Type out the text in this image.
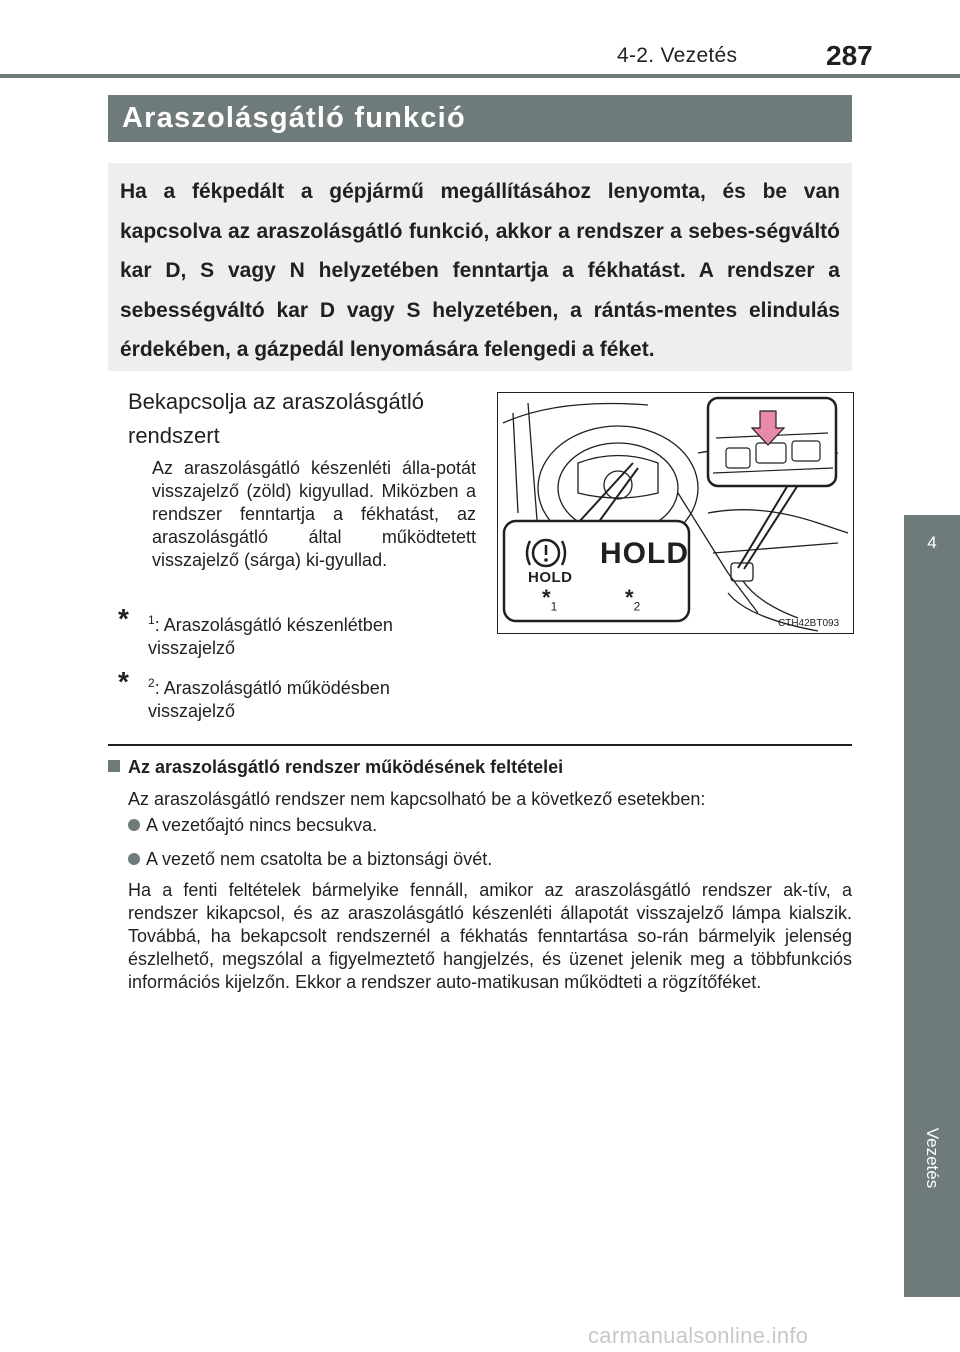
4-2. Vezetés	287
Araszolásgátló funkció
4
Vezetés
Ha a fékpedált a gépjármű megállításához lenyomta, és be van kapcsolva az araszolásgátló funkció, akkor a rendszer a sebes-ségváltó kar D, S vagy N helyzetében fenntartja a fékhatást. A rendszer a sebességváltó kar D vagy S helyzetében, a rántás-mentes elindulás érdekében, a gázpedál lenyomására felengedi a féket.
Bekapcsolja az araszolásgátló rendszert
Az araszolásgátló készenléti álla-potát visszajelző (zöld) kigyullad. Miközben a rendszer fenntartja a fékhatást, az araszolásgátló által működtetett visszajelző (sárga) ki-gyullad.
* $^1$: Araszolásgátló készenlétben visszajelző
* $^2$: Araszolásgátló működésben visszajelző
HOLD
HOLD
$*_1$	$*_2$
CTH42BT093
Az araszolásgátló rendszer működésének feltételei
Az araszolásgátló rendszer nem kapcsolható be a következő esetekben:
A vezetőajtó nincs becsukva.
A vezető nem csatolta be a biztonsági övét.
Ha a fenti feltételek bármelyike fennáll, amikor az araszolásgátló rendszer ak-tív, a rendszer kikapcsol, és az araszolásgátló készenléti állapotát visszajelző lámpa kialszik. Továbbá, ha bekapcsolt rendszernél a fékhatás fenntartása so-rán bármelyik jelenség észlelhető, megszólal a figyelmeztető hangjelzés, és üzenet jelenik meg a többfunkciós információs kijelzőn. Ekkor a rendszer auto-matikusan működteti a rögzítőféket.
carmanualsonline.info
